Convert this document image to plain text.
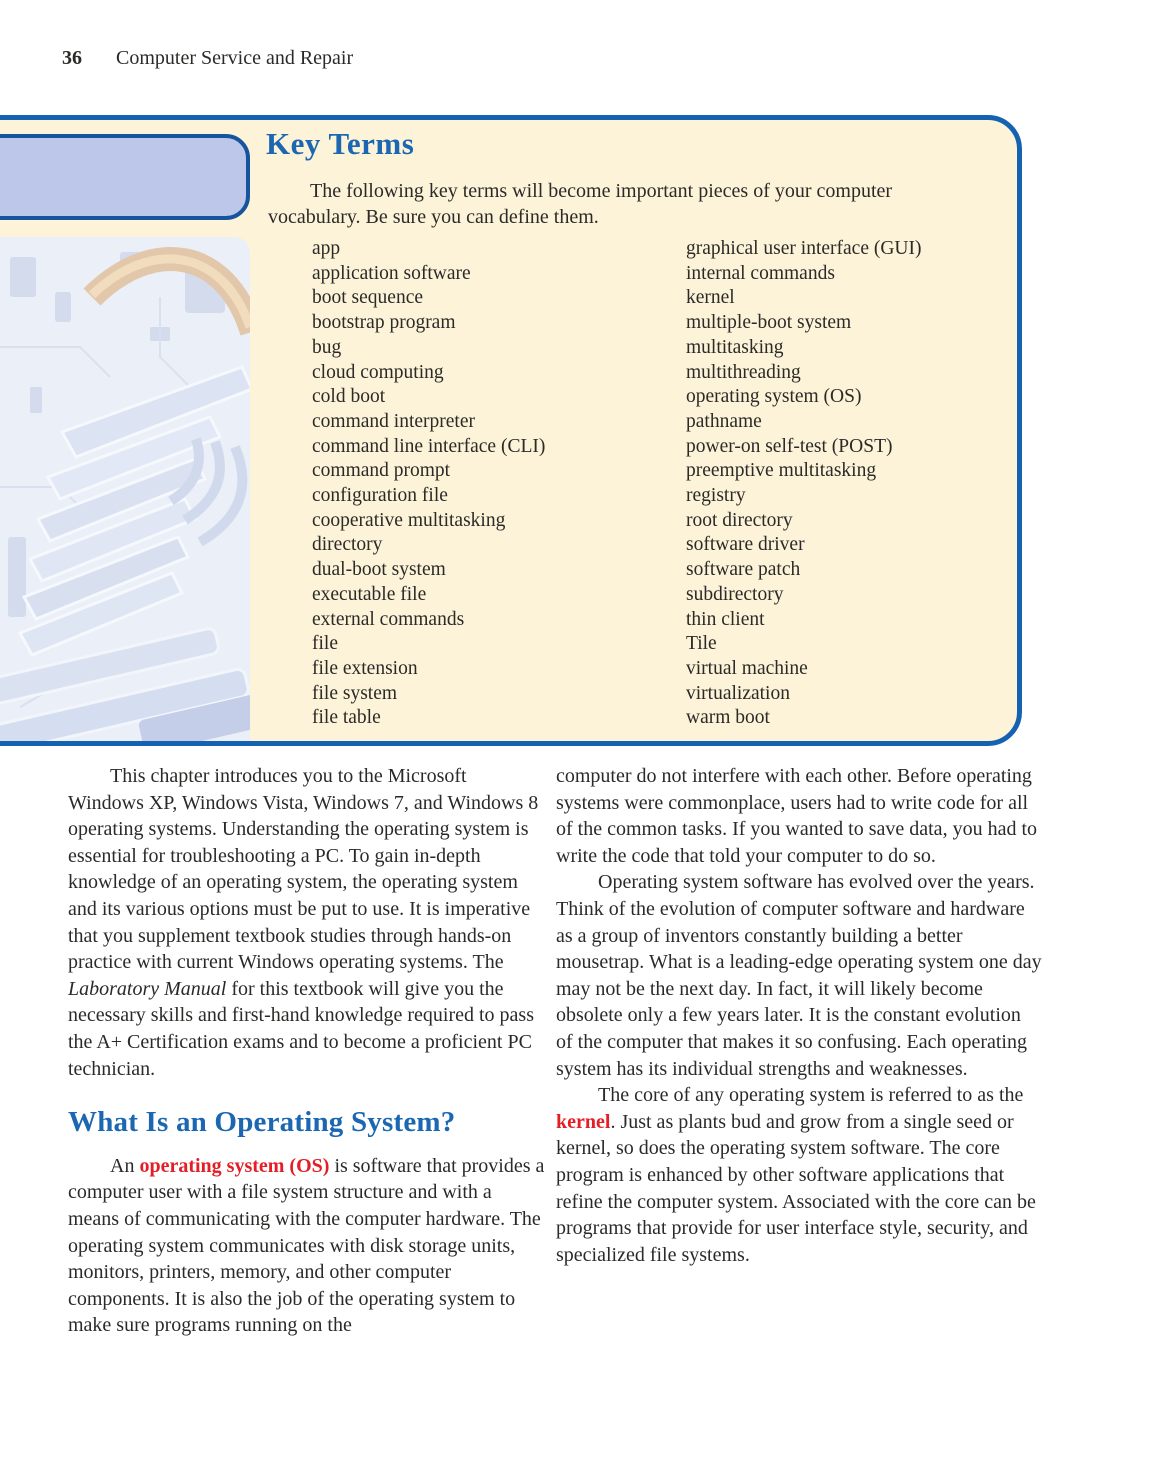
36 Computer Service and Repair
Key Terms
The following key terms will become important pieces of your computer vocabulary. Be sure you can define them.
app
application software
boot sequence
bootstrap program
bug
cloud computing
cold boot
command interpreter
command line interface (CLI)
command prompt
configuration file
cooperative multitasking
directory
dual-boot system
executable file
external commands
file
file extension
file system
file table
graphical user interface (GUI)
internal commands
kernel
multiple-boot system
multitasking
multithreading
operating system (OS)
pathname
power-on self-test (POST)
preemptive multitasking
registry
root directory
software driver
software patch
subdirectory
thin client
Tile
virtual machine
virtualization
warm boot

This chapter introduces you to the Microsoft Windows XP, Windows Vista, Windows 7, and Windows 8 operating systems. Understanding the operating system is essential for troubleshooting a PC. To gain in-depth knowledge of an operating system, the operating system and its various options must be put to use. It is imperative that you supplement textbook studies through hands-on practice with current Windows operating systems. The Laboratory Manual for this textbook will give you the necessary skills and first-hand knowledge required to pass the A+ Certification exams and to become a proficient PC technician.

What Is an Operating System?

An operating system (OS) is software that provides a computer user with a file system structure and with a means of communicating with the computer hardware. The operating system communicates with disk storage units, monitors, printers, memory, and other computer components. It is also the job of the operating system to make sure programs running on the

computer do not interfere with each other. Before operating systems were commonplace, users had to write code for all of the common tasks. If you wanted to save data, you had to write the code that told your computer to do so.

Operating system software has evolved over the years. Think of the evolution of computer software and hardware as a group of inventors constantly building a better mousetrap. What is a leading-edge operating system one day may not be the next day. In fact, it will likely become obsolete only a few years later. It is the constant evolution of the computer that makes it so confusing. Each operating system has its individual strengths and weaknesses.

The core of any operating system is referred to as the kernel. Just as plants bud and grow from a single seed or kernel, so does the operating system software. The core program is enhanced by other software applications that refine the computer system. Associated with the core can be programs that provide for user interface style, security, and specialized file systems.
